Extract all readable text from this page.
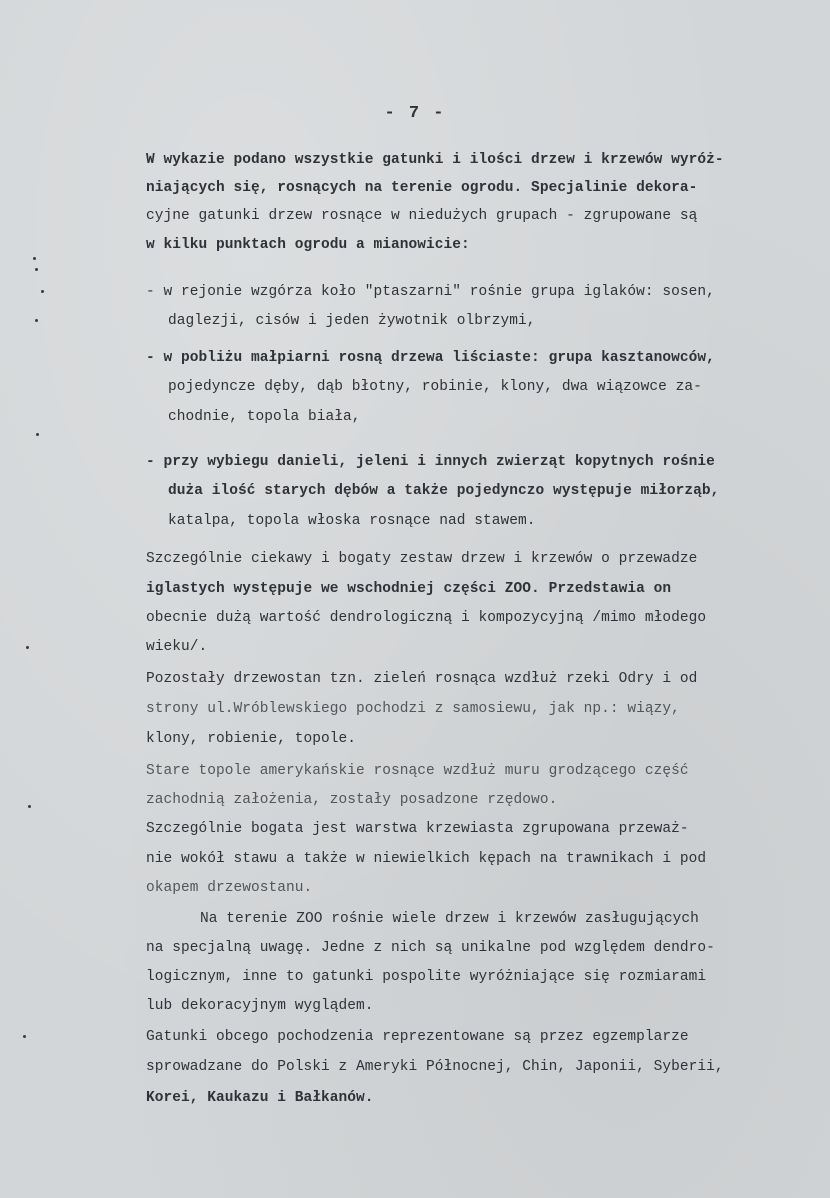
- 7 -
W wykazie podano wszystkie gatunki i ilości drzew i krzewów wyróż-
niających się, rosnących na terenie ogrodu. Specjalinie dekora-
cyjne gatunki drzew rosnące w niedużych grupach - zgrupowane są
w kilku punktach ogrodu a mianowicie:
- w rejonie wzgórza koło "ptaszarni" rośnie grupa iglaków: sosen,
daglezji, cisów i jeden żywotnik olbrzymi,
- w pobliżu małpiarni rosną drzewa liściaste: grupa kasztanowców,
pojedyncze dęby, dąb błotny, robinie, klony, dwa wiązowce za-
chodnie, topola biała,
- przy wybiegu danieli, jeleni i innych zwierząt kopytnych rośnie
duża ilość starych dębów a także pojedynczo występuje miłorząb,
katalpa, topola włoska rosnące nad stawem.
Szczególnie ciekawy i bogaty zestaw drzew i krzewów o przewadze
iglastych występuje we wschodniej części ZOO. Przedstawia on
obecnie dużą wartość dendrologiczną i kompozycyjną /mimo młodego
wieku/.
Pozostały drzewostan tzn. zieleń rosnąca wzdłuż rzeki Odry i od
strony ul.Wróblewskiego pochodzi z samosiewu, jak np.: wiązy,
klony, robienie, topole.
Stare topole amerykańskie rosnące wzdłuż muru grodzącego część
zachodnią założenia, zostały posadzone rzędowo.
Szczególnie bogata jest warstwa krzewiasta zgrupowana przeważ-
nie wokół stawu a także w niewielkich kępach na trawnikach i pod
okapem drzewostanu.
Na terenie ZOO rośnie wiele drzew i krzewów zasługujących
na specjalną uwagę. Jedne z nich są unikalne pod względem dendro-
logicznym, inne to gatunki pospolite wyróżniające się rozmiarami
lub dekoracyjnym wyglądem.
Gatunki obcego pochodzenia reprezentowane są przez egzemplarze
sprowadzane do Polski z Ameryki Północnej, Chin, Japonii, Syberii,
Korei, Kaukazu i Bałkanów.
